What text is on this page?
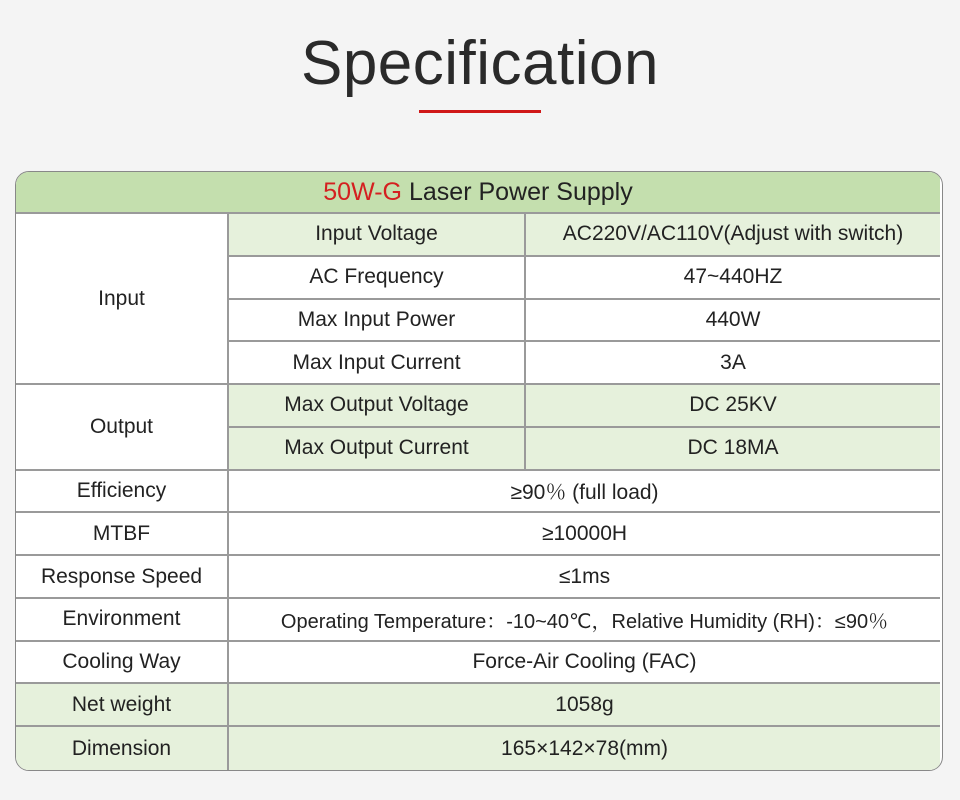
Specification
50W-G Laser Power Supply
Input
Input Voltage	AC220V/AC110V(Adjust with switch)
AC Frequency	47~440HZ
Max Input Power	440W
Max Input Current	3A
Output
Max Output Voltage	DC 25KV
Max Output Current	DC 18MA
Efficiency	≥90％ (full load)
MTBF	≥10000H
Response Speed	≤1ms
Environment	Operating Temperature：-10~40℃，Relative Humidity (RH)：≤90％
Cooling Way	Force-Air Cooling (FAC)
Net weight	1058g
Dimension	165×142×78(mm)
